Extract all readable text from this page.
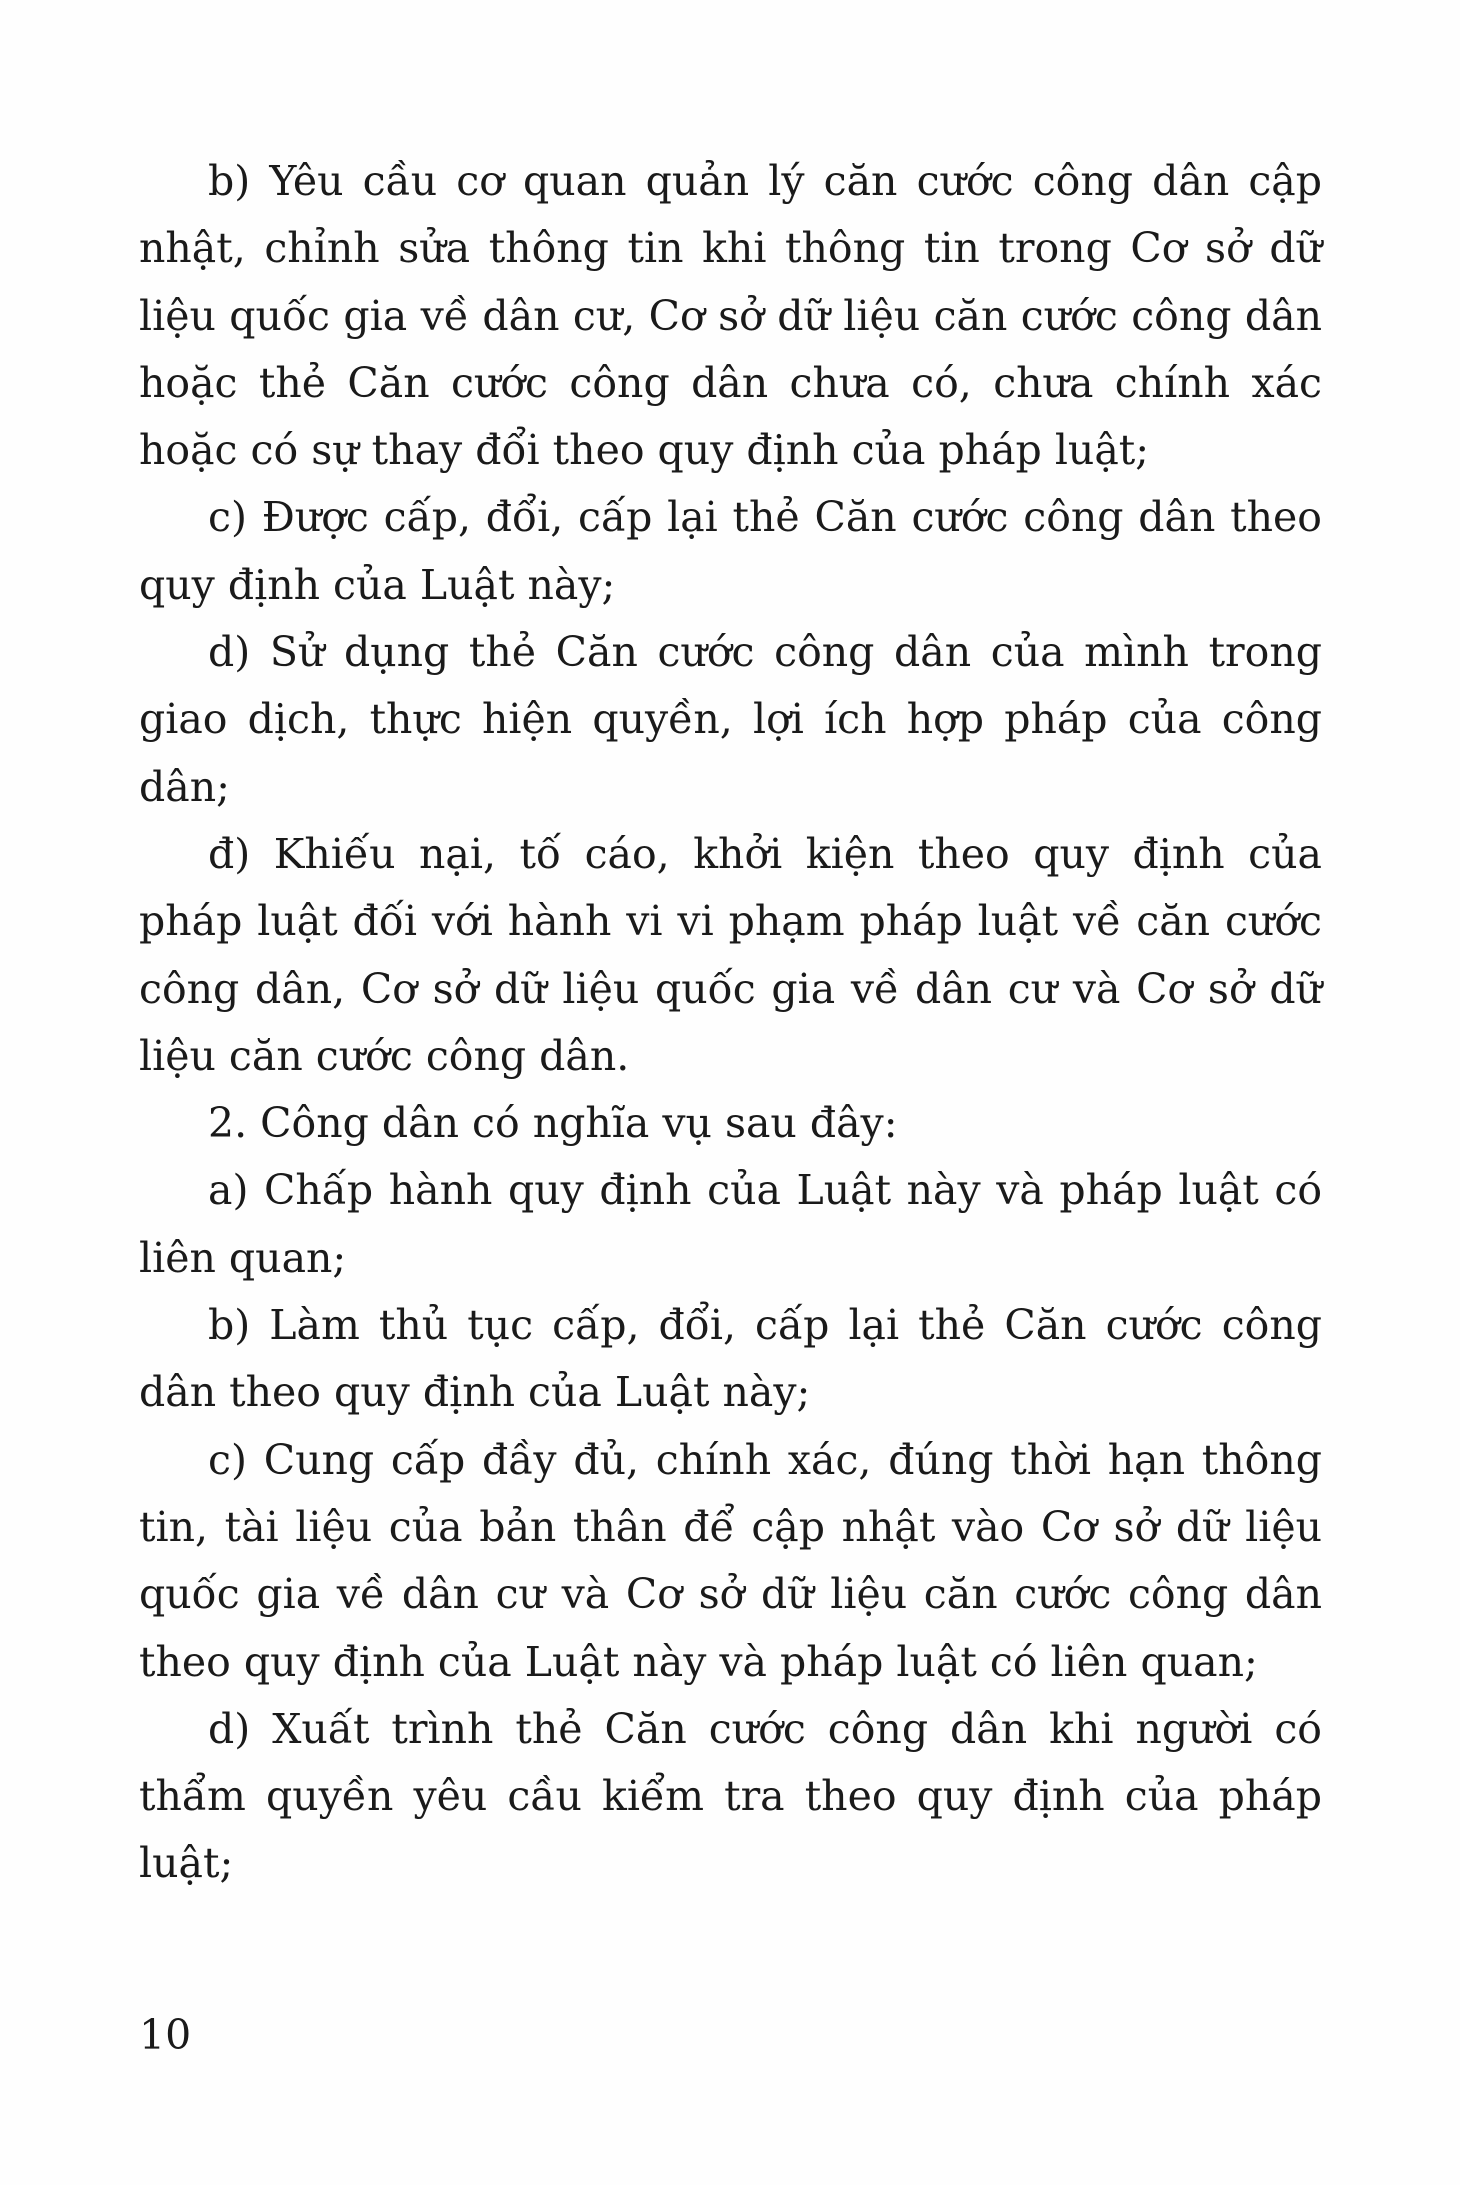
b) Yêu cầu cơ quan quản lý căn cước công dân cập nhật, chỉnh sửa thông tin khi thông tin trong Cơ sở dữ liệu quốc gia về dân cư, Cơ sở dữ liệu căn cước công dân hoặc thẻ Căn cước công dân chưa có, chưa chính xác hoặc có sự thay đổi theo quy định của pháp luật;

c) Được cấp, đổi, cấp lại thẻ Căn cước công dân theo quy định của Luật này;

d) Sử dụng thẻ Căn cước công dân của mình trong giao dịch, thực hiện quyền, lợi ích hợp pháp của công dân;

đ) Khiếu nại, tố cáo, khởi kiện theo quy định của pháp luật đối với hành vi vi phạm pháp luật về căn cước công dân, Cơ sở dữ liệu quốc gia về dân cư và Cơ sở dữ liệu căn cước công dân.

2. Công dân có nghĩa vụ sau đây:

a) Chấp hành quy định của Luật này và pháp luật có liên quan;

b) Làm thủ tục cấp, đổi, cấp lại thẻ Căn cước công dân theo quy định của Luật này;

c) Cung cấp đầy đủ, chính xác, đúng thời hạn thông tin, tài liệu của bản thân để cập nhật vào Cơ sở dữ liệu quốc gia về dân cư và Cơ sở dữ liệu căn cước công dân theo quy định của Luật này và pháp luật có liên quan;

d) Xuất trình thẻ Căn cước công dân khi người có thẩm quyền yêu cầu kiểm tra theo quy định của pháp luật;

10
